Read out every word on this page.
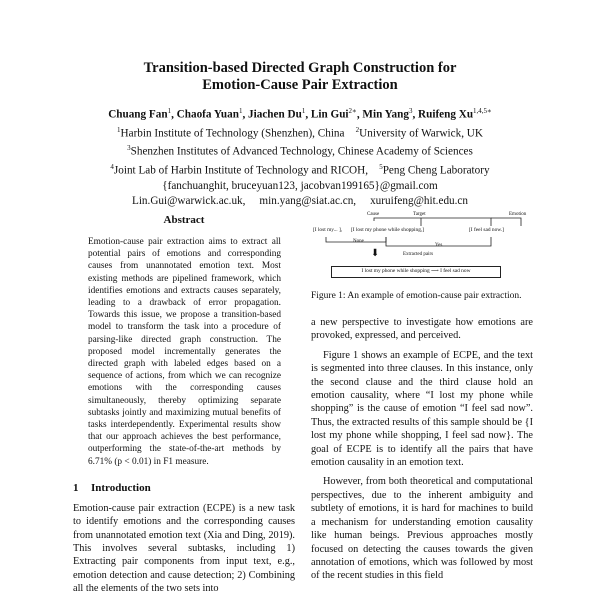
Transition-based Directed Graph Construction for
Emotion-Cause Pair Extraction
Chuang Fan$^1$, Chaofa Yuan$^1$, Jiachen Du$^1$, Lin Gui$^{2∗}$, Min Yang$^3$, Ruifeng $Xu^{1,4,5∗}$
$^1$Harbin Institute of Technology (Shenzhen), China $^2$University of Warwick, UK
$^3$Shenzhen Institutes of Advanced Technology, Chinese Academy of Sciences
$^4$Joint Lab of Harbin Institute of Technology and RICOH, $^5$Peng Cheng Laboratory
{fanchuanghit, bruceyuan123, jacobvan199165}@gmail.com
Lin.Gui@warwick.ac.uk, min.yang@siat.ac.cn, xuruifeng@hit.edu.cn
Abstract

Emotion-cause pair extraction aims to extract all potential pairs of emotions and corresponding causes from unannotated emotion text. Most existing methods are pipelined framework, which identifies emotions and extracts causes separately, leading to a drawback of error propagation. Towards this issue, we propose a transition-based model to transform the task into a procedure of parsing-like directed graph construction. The proposed model incrementally generates the directed graph with labeled edges based on a sequence of actions, from which we can recognize emotions with the corresponding causes simultaneously, thereby optimizing separate subtasks jointly and maximizing mutual benefits of tasks interdependently. Experimental results show that our approach achieves the best performance, outperforming the state-of-the-art methods by 6.71% (p < 0.01) in F1 measure.

1 Introduction

Emotion-cause pair extraction (ECPE) is a new task to identify emotions and the corresponding causes from unannotated emotion text (Xia and Ding, 2019). This involves several subtasks, including 1) Extracting pair components from input text, e.g., emotion detection and cause detection; 2) Combining all the elements of the two sets into

Cause	Target	Emotion
[I lost my... ],	[I lost my phone while shopping,]	[I feel sad now.]
None
Yes
⬇	Extracted pairs
I lost my phone while shopping ⟶ I feel sad now
Figure 1: An example of emotion-cause pair extraction.

a new perspective to investigate how emotions are provoked, expressed, and perceived.

Figure 1 shows an example of ECPE, and the text is segmented into three clauses. In this instance, only the second clause and the third clause hold an emotion causality, where “I lost my phone while shopping” is the cause of emotion “I feel sad now”. Thus, the extracted results of this sample should be {I lost my phone while shopping, I feel sad now}. The goal of ECPE is to identify all the pairs that have emotion causality in an emotion text.

However, from both theoretical and computational perspectives, due to the inherent ambiguity and subtlety of emotions, it is hard for machines to build a mechanism for understanding emotion causality like human beings. Previous approaches mostly focused on detecting the causes towards the given annotation of emotions, which was followed by most of the recent studies in this field
